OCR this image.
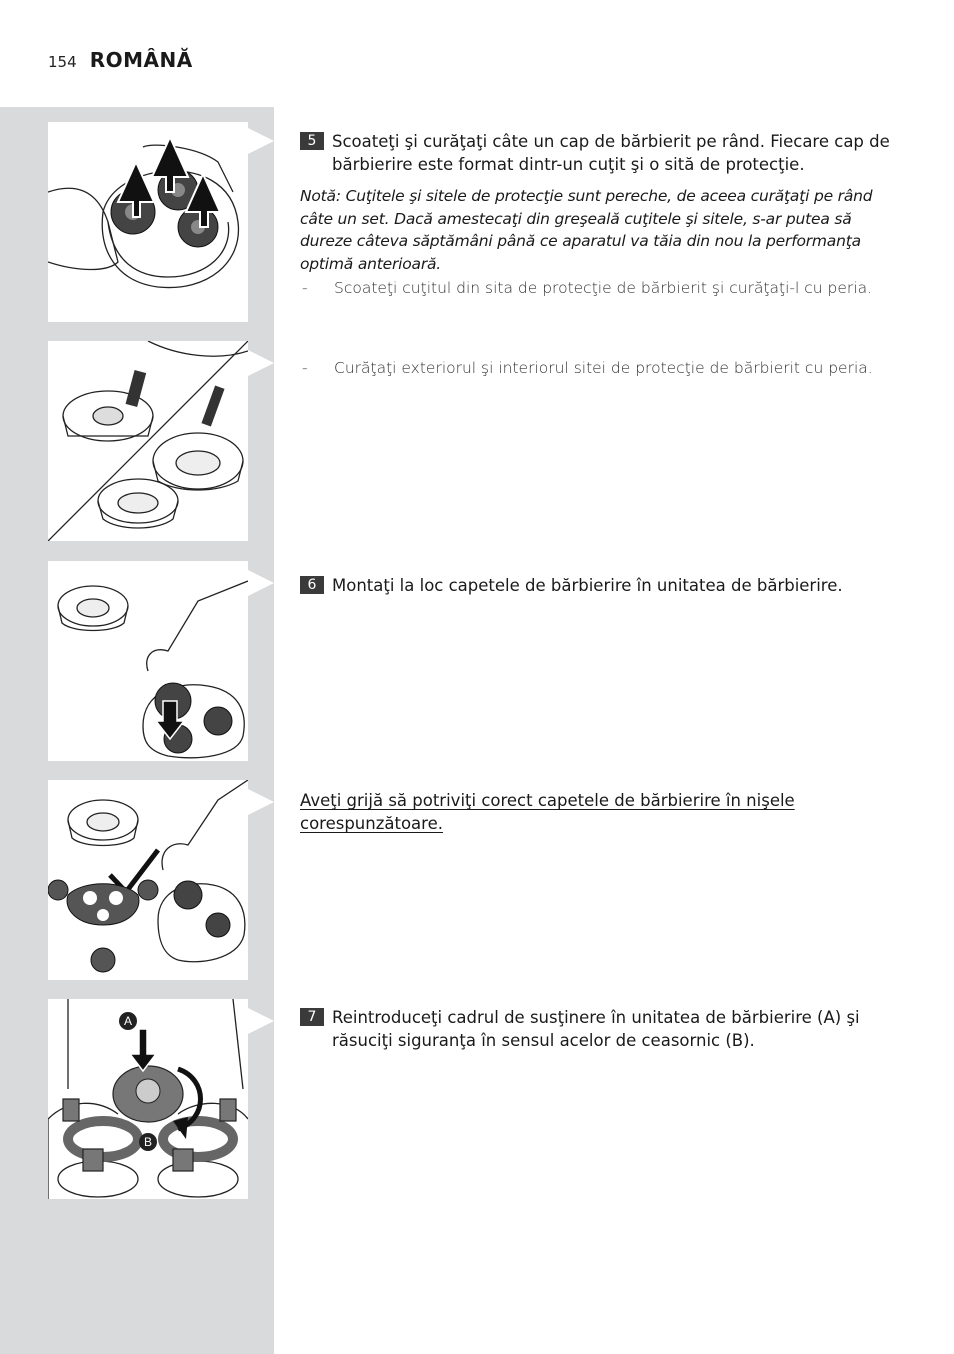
154 ROMÂNĂ
A
B
5 Scoateţi şi curăţaţi câte un cap de bărbierit pe rând. Fiecare cap de bărbierire este format dintr-un cuţit şi o sită de protecţie.
Notă: Cuţitele şi sitele de protecţie sunt pereche, de aceea curăţaţi pe rând câte un set. Dacă amestecaţi din greşeală cuţitele şi sitele, s-ar putea să dureze câteva săptămâni până ce aparatul va tăia din nou la performanţa optimă anterioară.
-	Scoateţi cuţitul din sita de protecţie de bărbierit şi curăţaţi-l cu peria.
-	Curăţaţi exteriorul şi interiorul sitei de protecţie de bărbierit cu peria.
6 Montaţi la loc capetele de bărbierire în unitatea de bărbierire.
Aveţi grijă să potriviţi corect capetele de bărbierire în nişele corespunzătoare.
7 Reintroduceţi cadrul de susţinere în unitatea de bărbierire (A) şi răsuciţi siguranţa în sensul acelor de ceasornic (B).
